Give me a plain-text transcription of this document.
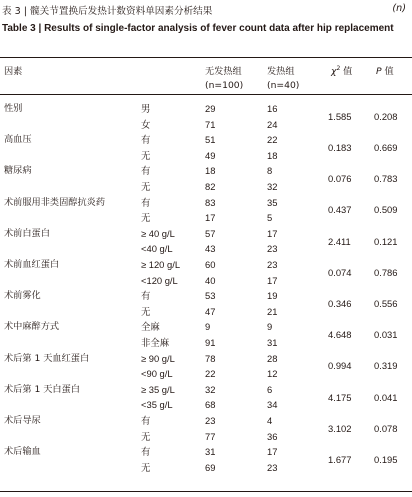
表 3 | 髋关节置换后发热计数资料单因素分析结果	(n)
Table 3 | Results of single-factor analysis of fever count data after hip replacement
因素	无发热组
(n=100)
发热组
(n=40)
$\chi^2$ 值	P 值
性别	男	29	16
女	71	24
1.585 0.208
高血压	有	51	22
无	49	18
0.183 0.669
糖尿病	有	18	8
无	82	32
0.076 0.783
术前服用非类固醇抗炎药	有	83	35
无	17	5
0.437 0.509
术前白蛋白	≥ 40 g/L	57	17
<40 g/L	43	23
2.411 0.121
术前血红蛋白	≥ 120 g/L	60	23
<120 g/L	40	17
0.074 0.786
术前雾化	有	53	19
无	47	21
0.346 0.556
术中麻醉方式	全麻	9	9
非全麻	91	31
4.648 0.031
术后第 1 天血红蛋白	≥ 90 g/L	78	28
<90 g/L	22	12
0.994 0.319
术后第 1 天白蛋白	≥ 35 g/L	32	6
<35 g/L	68	34
4.175 0.041
术后导尿	有	23	4
无	77	36
3.102 0.078
术后输血	有	31	17
无	69	23
1.677 0.195
